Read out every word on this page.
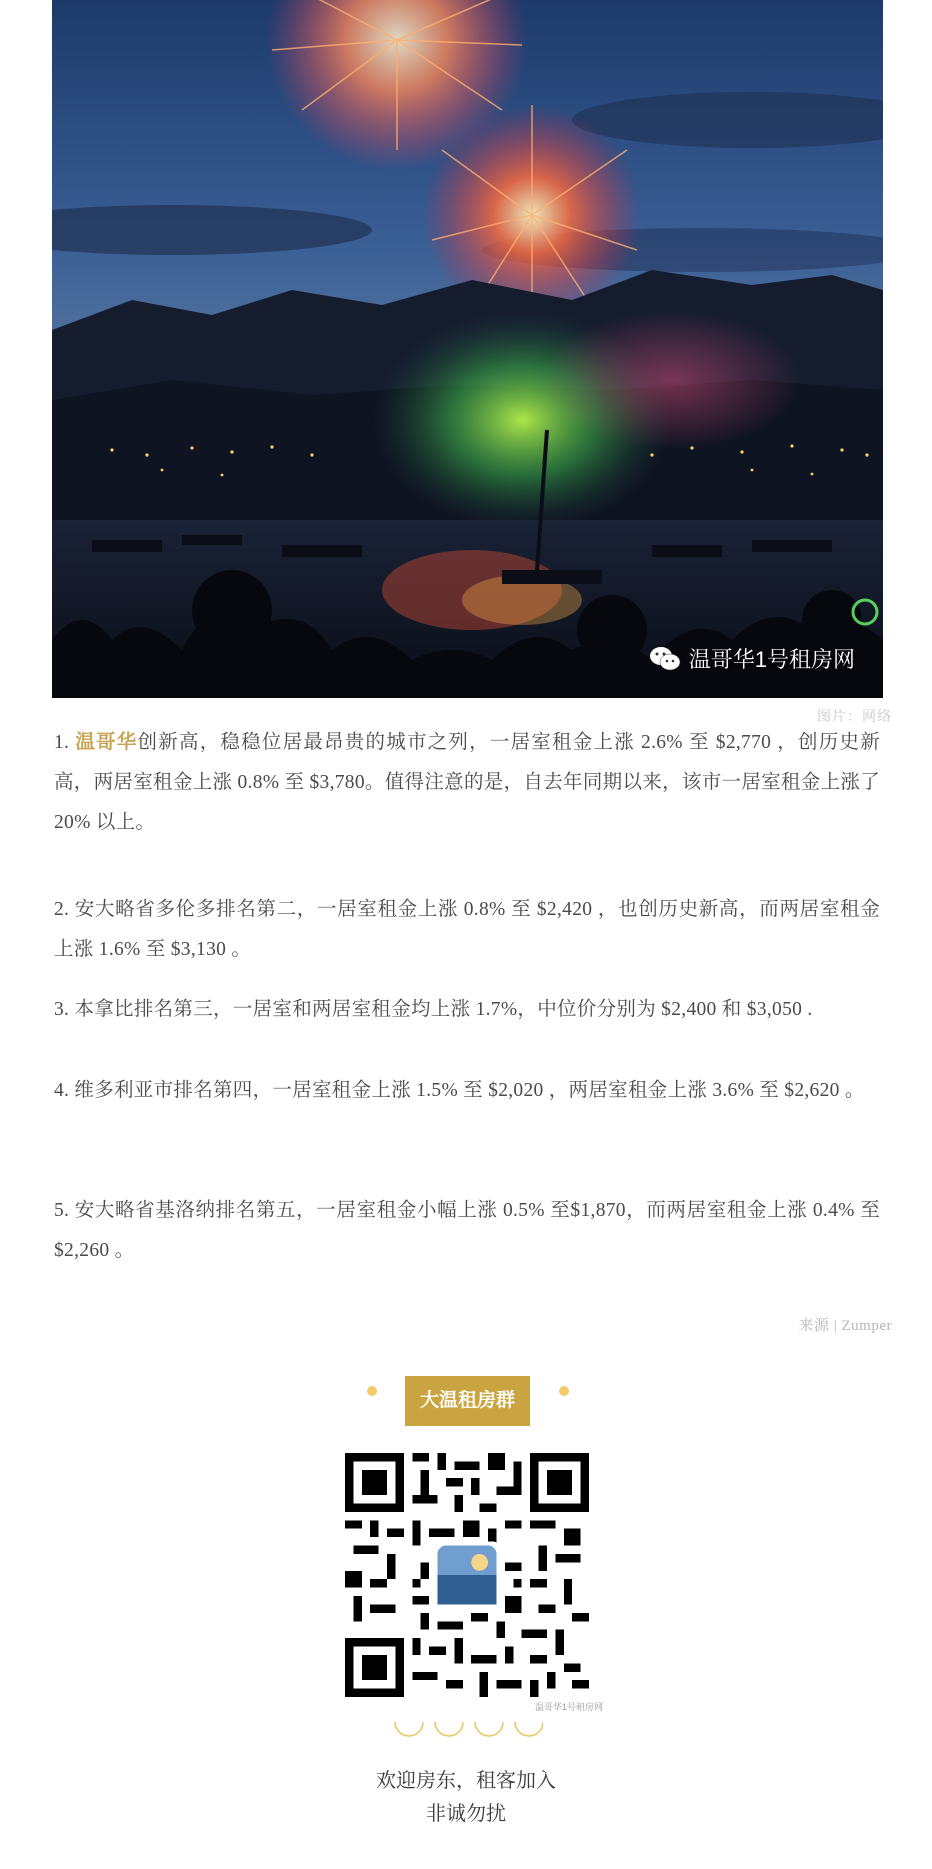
温哥华1号租房网
图片：网络

1. 温哥华创新高，稳稳位居最昂贵的城市之列，一居室租金上涨 2.6% 至 $2,770 ，创历史新高，两居室租金上涨 0.8% 至 $3,780。值得注意的是，自去年同期以来，该市一居室租金上涨了 20% 以上。

2. 安大略省多伦多排名第二，一居室租金上涨 0.8% 至 $2,420 ，也创历史新高，而两居室租金上涨 1.6% 至 $3,130 。

3. 本拿比排名第三，一居室和两居室租金均上涨 1.7%，中位价分别为 $2,400 和 $3,050 .

4. 维多利亚市排名第四，一居室租金上涨 1.5% 至 $2,020 ，两居室租金上涨 3.6% 至 $2,620 。

5. 安大略省基洛纳排名第五，一居室租金小幅上涨 0.5% 至$1,870，而两居室租金上涨 0.4% 至 $2,260 。

来源 | Zumper
大温租房群
温哥华1号租房网
欢迎房东，租客加入
非诚勿扰
